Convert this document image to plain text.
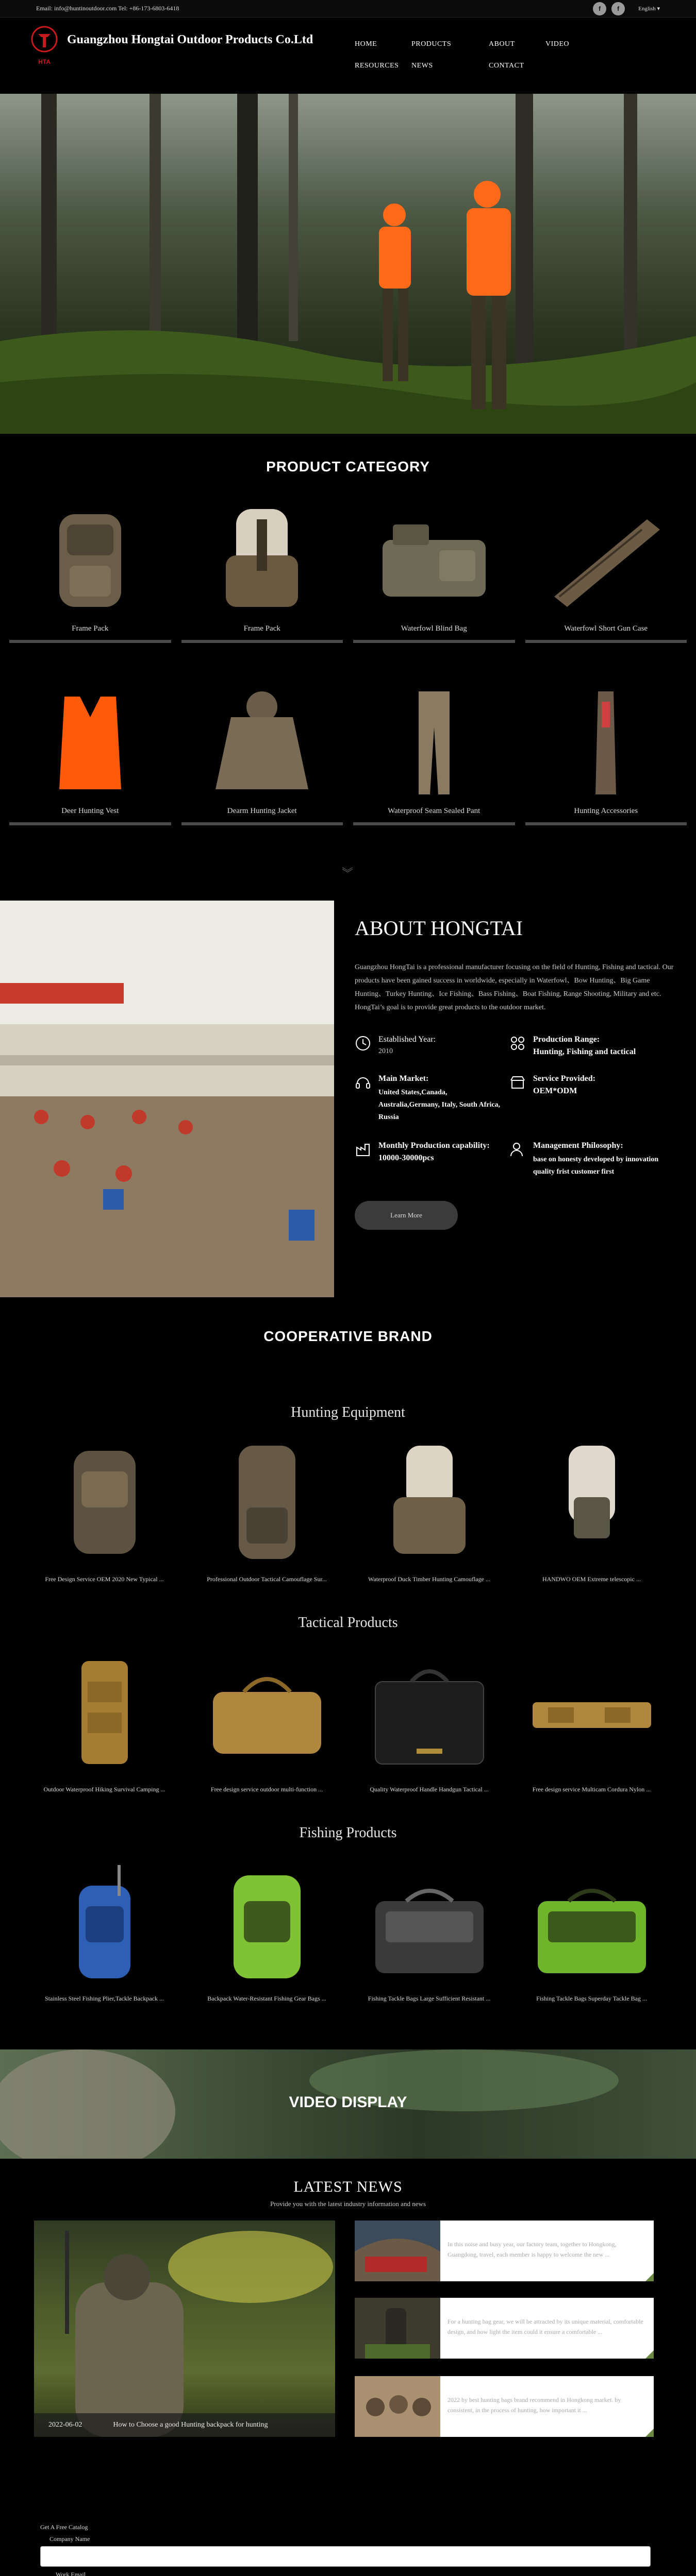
Email: info@huntinoutdoor.com Tel: +86-173-6803-6418	f	f	English ▾
HTA
Guangzhou Hongtai Outdoor Products Co.Ltd	HOME	PRODUCTS	ABOUT	VIDEO
RESOURCES	NEWS	CONTACT
PRODUCT CATEGORY
Frame Pack	Frame Pack	Waterfowl Blind Bag	Waterfowl Short Gun Case
Deer Hunting Vest	Dearm Hunting Jacket	Waterproof Seam Sealed Pant	Hunting Accessories
︾
ABOUT HONGTAI

Guangzhou HongTai is a professional manufacturer focusing on the field of Hunting, Fishing and tactical. Our products have been gained success in worldwide, especially in Waterfowl、Bow Hunting、Big Game Hunting、Turkey Hunting、Ice Fishing、Bass Fishing、Boat Fishing, Range Shooting, Military and etc. HongTai’s goal is to provide great products to the outdoor market.

Established Year:
2010
Production Range:
Hunting, Fishing and tactical
Main Market:
United States,Canada, Australia,Germany, Italy, South Africa, Russia
Service Provided:
OEM*ODM
Monthly Production capability:
10000-30000pcs
Management Philosophy:
base on honesty developed by innovation quality frist customer first
Learn More
COOPERATIVE BRAND
Hunting Equipment
Free Design Service OEM 2020 New Typical ...	Professional Outdoor Tactical Camouflage Sur...	Waterproof Duck Timber Hunting Camouflage ...	HANDWO OEM Extreme telescopic ...
Tactical Products
Outdoor Waterproof Hiking Survival Camping ...	Free design service outdoor multi-function ...	Quality Waterproof Handle Handgun Tactical ...	Free design service Multicam Cordura Nylon ...
Fishing Products
Stainless Steel Fishing Plier,Tackle Backpack ...	Backpack Water-Resistant Fishing Gear Bags ...	Fishing Tackle Bags Large Sufficient Resistant ...	Fishing Tackle Bags Superday Tackle Bag ...
VIDEO DISPLAY
LATEST NEWS
Provide you with the latest industry information and news
2022-06-02	How to Choose a good Hunting backpack for hunting
In this noise and busy year, our factory team, together to Hongkong, Guangdong, travel, each member is happy to welcome the new ...
For a hunting bag gear, we will be attracted by its unique material, comfortable design, and how light the item could it ensure a comfortable ...
2022 by best hunting bags brand recommend in Hongkong market. by consistent, in the process of hunting, how important it ...
Get A Free Catalog
Company Name
Work Email
